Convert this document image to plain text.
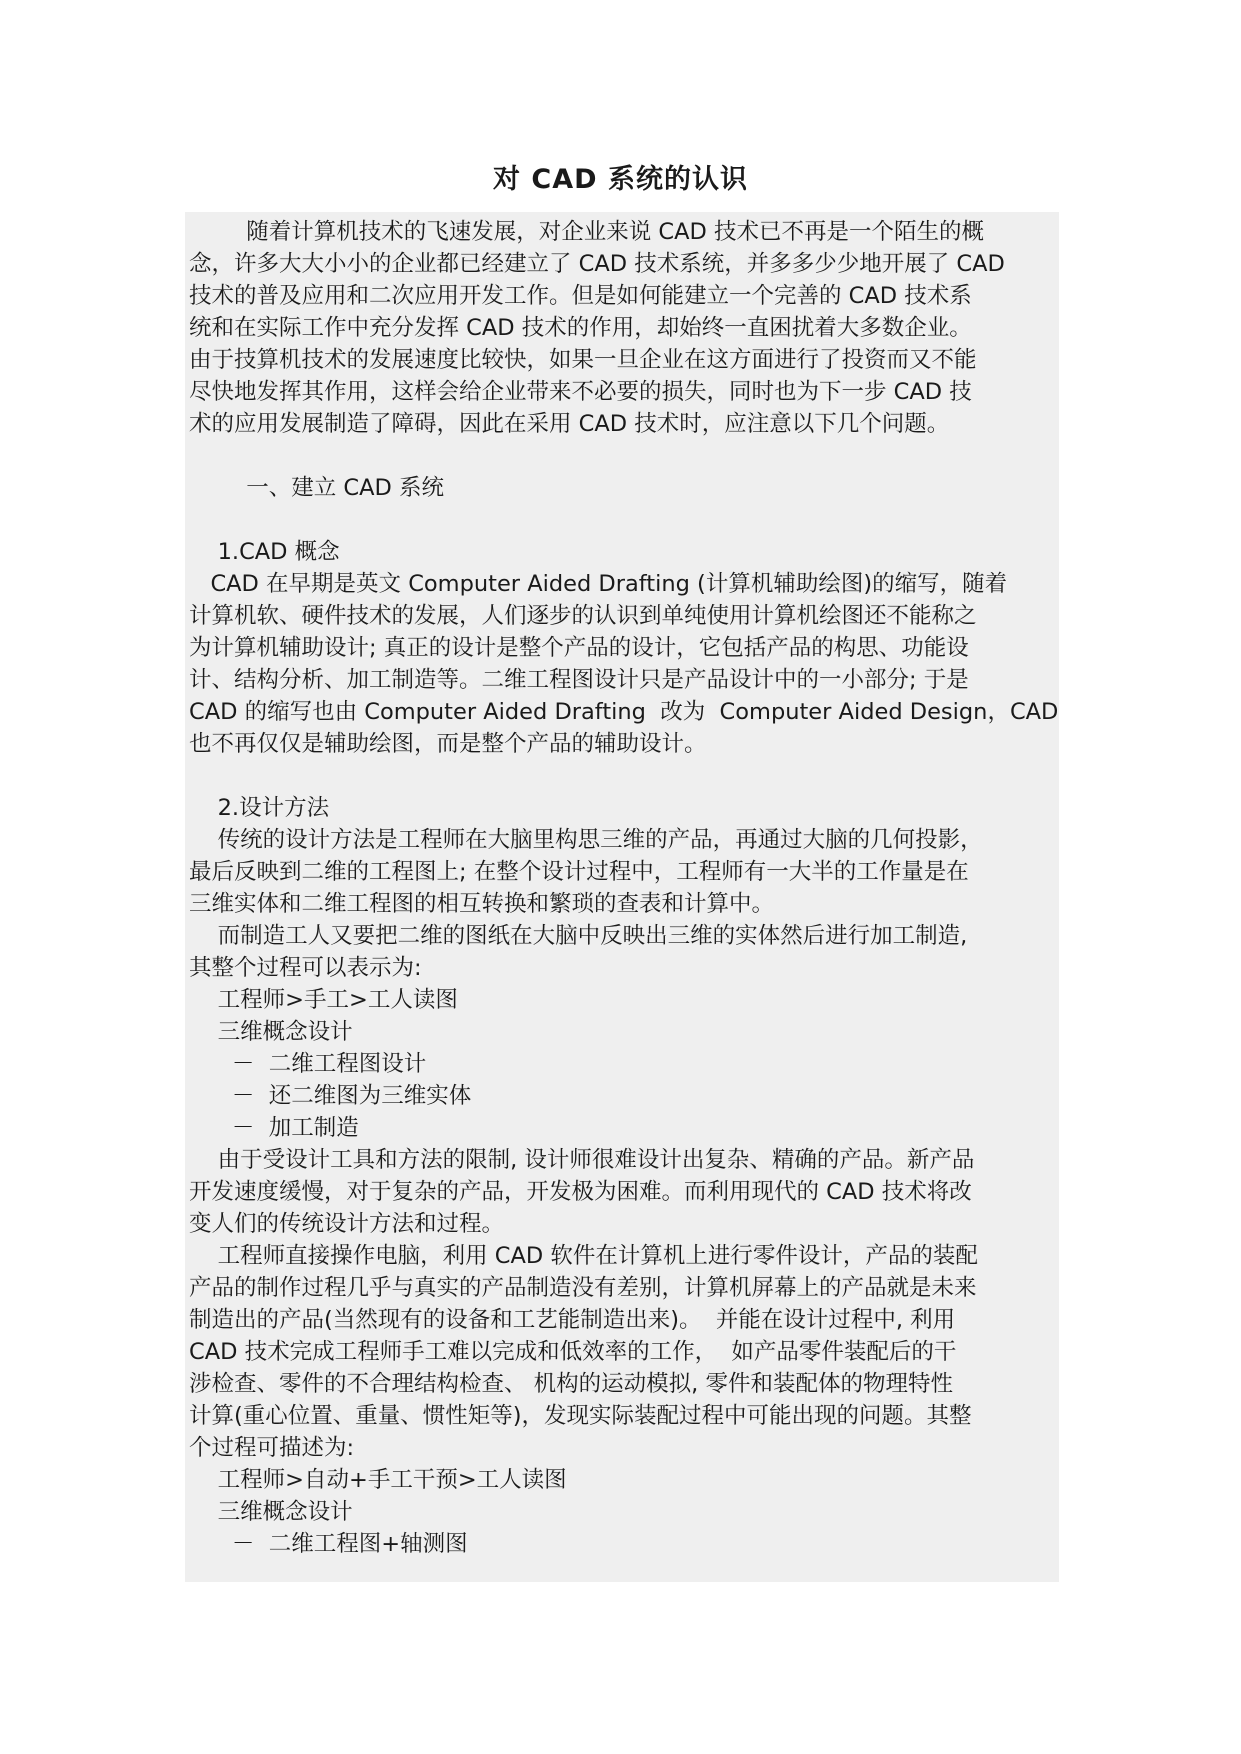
对 CAD 系统的认识
随着计算机技术的飞速发展，对企业来说 CAD 技术已不再是一个陌生的概
念，许多大大小小的企业都已经建立了 CAD 技术系统，并多多少少地开展了 CAD
技术的普及应用和二次应用开发工作。但是如何能建立一个完善的 CAD 技术系
统和在实际工作中充分发挥 CAD 技术的作用，却始终一直困扰着大多数企业。
由于技算机技术的发展速度比较快，如果一旦企业在这方面进行了投资而又不能
尽快地发挥其作用，这样会给企业带来不必要的损失，同时也为下一步 CAD 技
术的应用发展制造了障碍，因此在采用 CAD 技术时，应注意以下几个问题。
一、建立 CAD 系统
1.CAD 概念
CAD 在早期是英文 Computer Aided Drafting (计算机辅助绘图)的缩写，随着
计算机软、硬件技术的发展，人们逐步的认识到单纯使用计算机绘图还不能称之
为计算机辅助设计; 真正的设计是整个产品的设计，它包括产品的构思、功能设
计、结构分析、加工制造等。二维工程图设计只是产品设计中的一小部分; 于是
CAD 的缩写也由 Computer Aided Drafting  改为  Computer Aided Design，CAD
也不再仅仅是辅助绘图，而是整个产品的辅助设计。
2.设计方法
传统的设计方法是工程师在大脑里构思三维的产品，再通过大脑的几何投影，
最后反映到二维的工程图上; 在整个设计过程中，工程师有一大半的工作量是在
三维实体和二维工程图的相互转换和繁琐的查表和计算中。
而制造工人又要把二维的图纸在大脑中反映出三维的实体然后进行加工制造,
其整个过程可以表示为:
工程师>手工>工人读图
三维概念设计
－  二维工程图设计
－  还二维图为三维实体
－  加工制造
由于受设计工具和方法的限制, 设计师很难设计出复杂、精确的产品。新产品
开发速度缓慢，对于复杂的产品，开发极为困难。而利用现代的 CAD 技术将改
变人们的传统设计方法和过程。
工程师直接操作电脑，利用 CAD 软件在计算机上进行零件设计，产品的装配
产品的制作过程几乎与真实的产品制造没有差别，计算机屏幕上的产品就是未来
制造出的产品(当然现有的设备和工艺能制造出来)。  并能在设计过程中, 利用
CAD 技术完成工程师手工难以完成和低效率的工作，  如产品零件装配后的干
涉检查、零件的不合理结构检查、 机构的运动模拟, 零件和装配体的物理特性
计算(重心位置、重量、惯性矩等)，发现实际装配过程中可能出现的问题。其整
个过程可描述为:
工程师>自动+手工干预>工人读图
三维概念设计
－  二维工程图+轴测图
